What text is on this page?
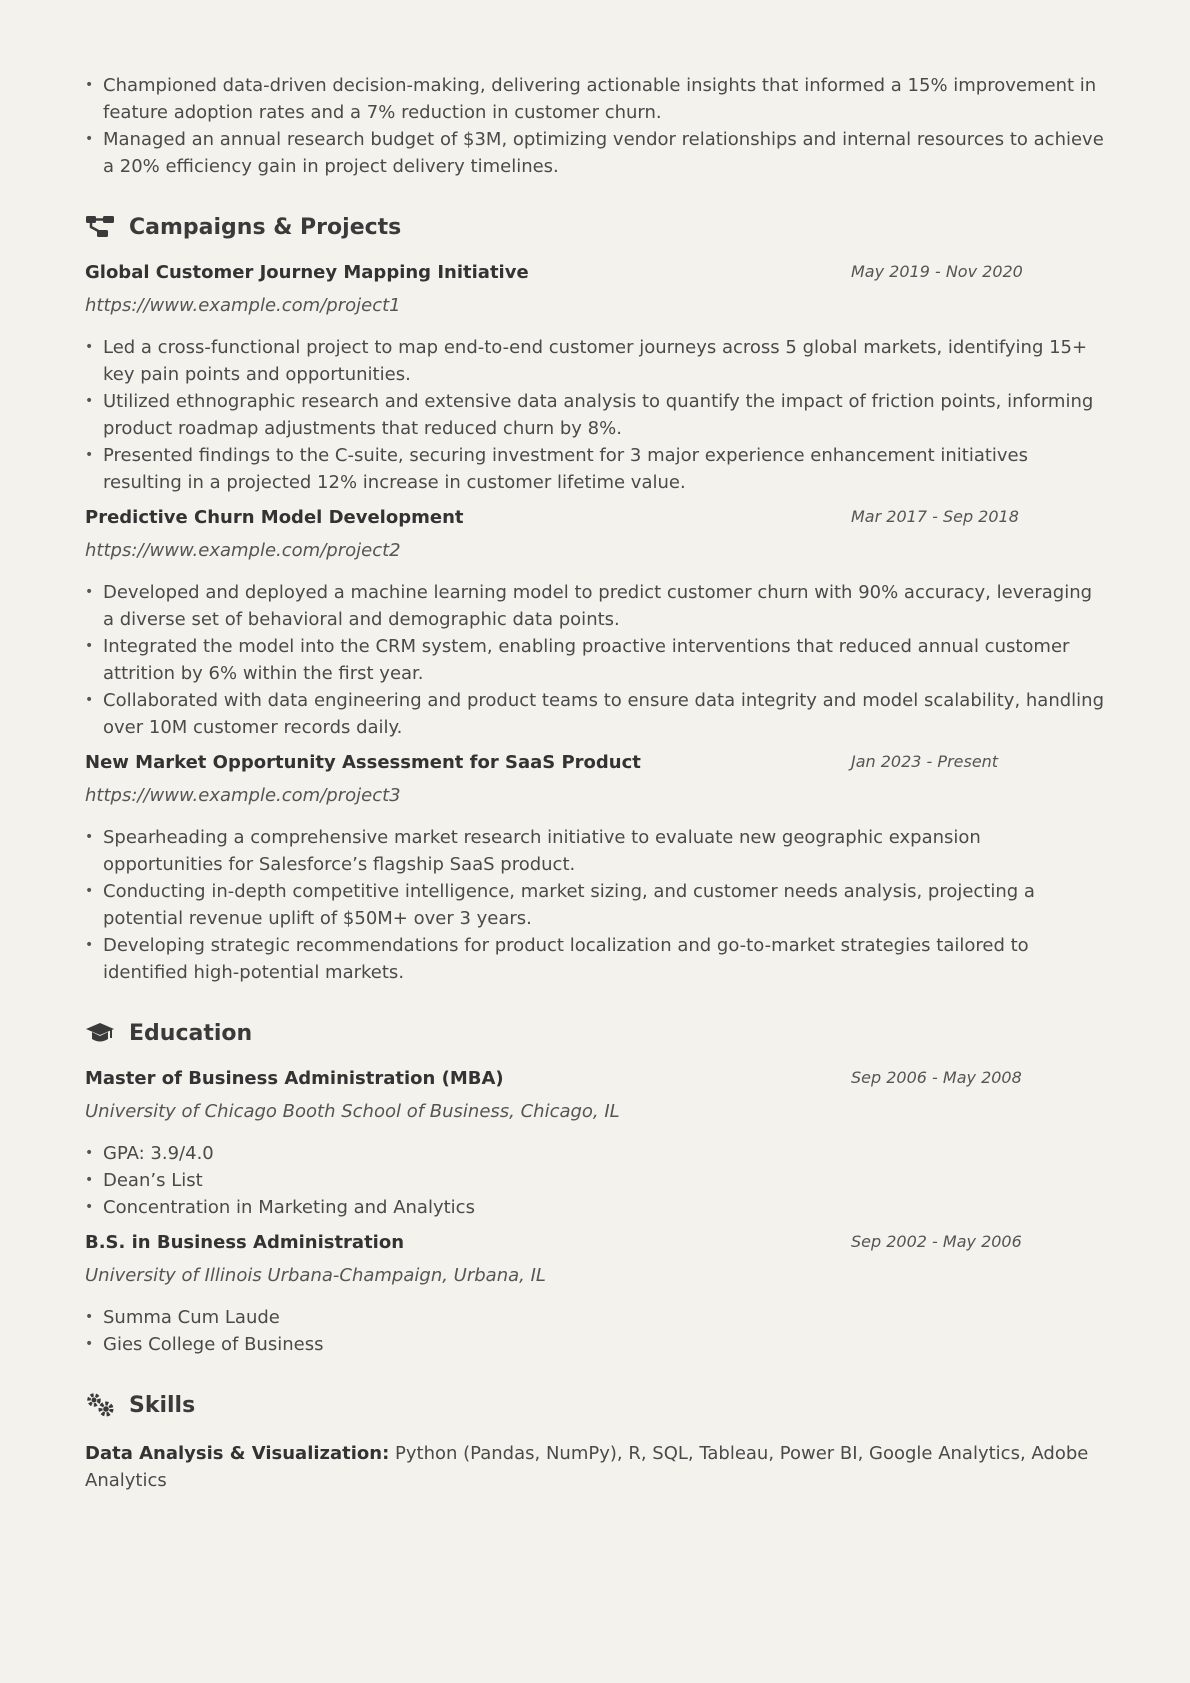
• Championed data-driven decision-making, delivering actionable insights that informed a 15% improvement in feature adoption rates and a 7% reduction in customer churn.
• Managed an annual research budget of $3M, optimizing vendor relationships and internal resources to achieve a 20% efficiency gain in project delivery timelines.
Campaigns & Projects
Global Customer Journey Mapping Initiative	May 2019 - Nov 2020
https://www.example.com/project1
• Led a cross-functional project to map end-to-end customer journeys across 5 global markets, identifying 15+ key pain points and opportunities.
• Utilized ethnographic research and extensive data analysis to quantify the impact of friction points, informing product roadmap adjustments that reduced churn by 8%.
• Presented findings to the C-suite, securing investment for 3 major experience enhancement initiatives resulting in a projected 12% increase in customer lifetime value.
Predictive Churn Model Development	Mar 2017 - Sep 2018
https://www.example.com/project2
• Developed and deployed a machine learning model to predict customer churn with 90% accuracy, leveraging a diverse set of behavioral and demographic data points.
• Integrated the model into the CRM system, enabling proactive interventions that reduced annual customer attrition by 6% within the first year.
• Collaborated with data engineering and product teams to ensure data integrity and model scalability, handling over 10M customer records daily.
New Market Opportunity Assessment for SaaS Product	Jan 2023 - Present
https://www.example.com/project3
• Spearheading a comprehensive market research initiative to evaluate new geographic expansion opportunities for Salesforce’s flagship SaaS product.
• Conducting in-depth competitive intelligence, market sizing, and customer needs analysis, projecting a potential revenue uplift of $50M+ over 3 years.
• Developing strategic recommendations for product localization and go-to-market strategies tailored to identified high-potential markets.
Education
Master of Business Administration (MBA)	Sep 2006 - May 2008
University of Chicago Booth School of Business, Chicago, IL
• GPA: 3.9/4.0
• Dean’s List
• Concentration in Marketing and Analytics
B.S. in Business Administration	Sep 2002 - May 2006
University of Illinois Urbana-Champaign, Urbana, IL
• Summa Cum Laude
• Gies College of Business
Skills
Data Analysis & Visualization: Python (Pandas, NumPy), R, SQL, Tableau, Power BI, Google Analytics, Adobe Analytics
